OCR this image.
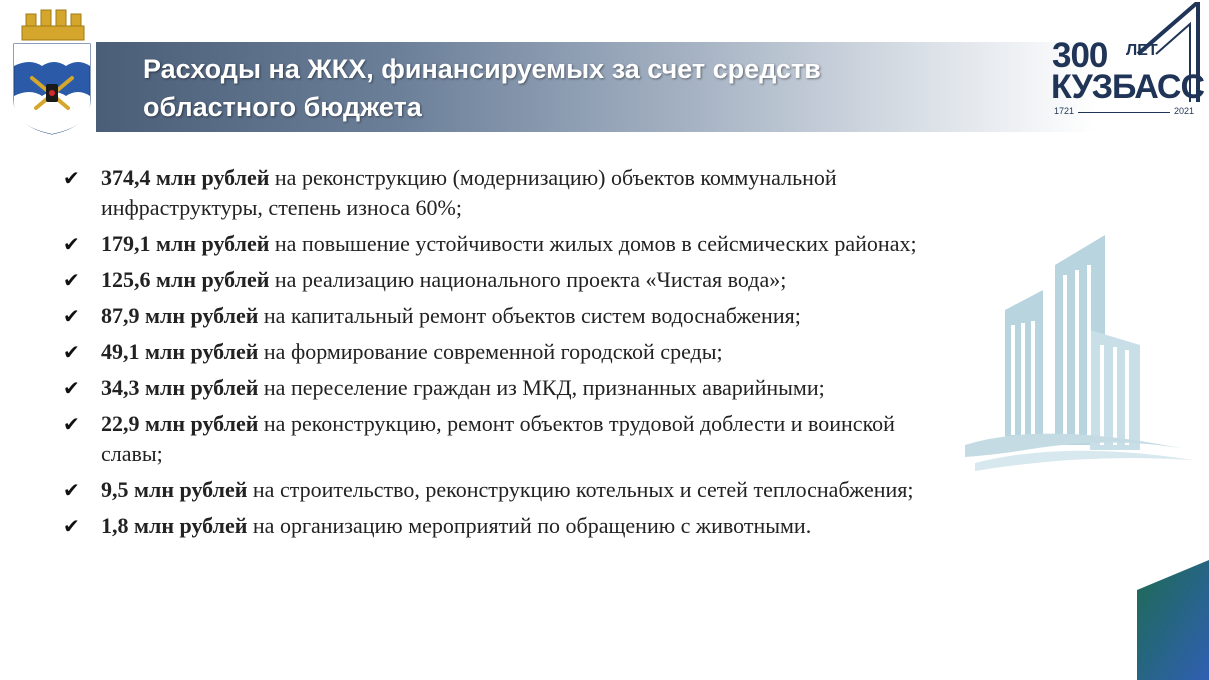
Расходы на ЖКХ, финансируемых за счет средств
областного бюджета
300 ЛЕТ
КУЗБАСС
1721	2021
✔ 374,4 млн рублей на реконструкцию (модернизацию) объектов коммунальной инфраструктуры, степень износа 60%;
✔ 179,1 млн рублей на повышение устойчивости жилых домов в сейсмических районах;
✔ 125,6 млн рублей на реализацию национального проекта «Чистая вода»;
✔ 87,9 млн рублей на капитальный ремонт объектов систем водоснабжения;
✔ 49,1 млн рублей на формирование современной городской среды;
✔ 34,3 млн рублей на переселение граждан из МКД, признанных аварийными;
✔ 22,9 млн рублей на реконструкцию, ремонт объектов трудовой доблести и воинской славы;
✔ 9,5 млн рублей на строительство, реконструкцию котельных и сетей теплоснабжения;
✔ 1,8 млн рублей на организацию мероприятий по обращению с животными.
